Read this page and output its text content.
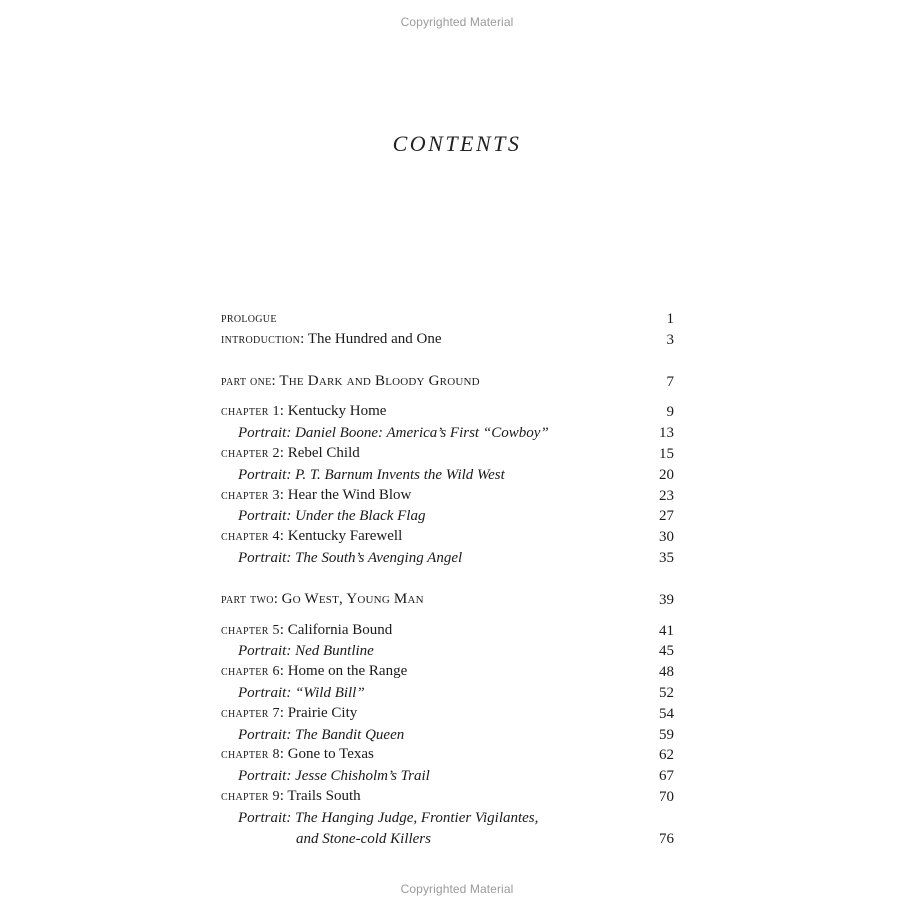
Copyrighted Material
CONTENTS
prologue	1
introduction: The Hundred and One	3
part one: The Dark and Bloody Ground	7
chapter 1: Kentucky Home	9
Portrait: Daniel Boone: America’s First “Cowboy”	13
chapter 2: Rebel Child	15
Portrait: P. T. Barnum Invents the Wild West	20
chapter 3: Hear the Wind Blow	23
Portrait: Under the Black Flag	27
chapter 4: Kentucky Farewell	30
Portrait: The South’s Avenging Angel	35
part two: Go West, Young Man	39
chapter 5: California Bound	41
Portrait: Ned Buntline	45
chapter 6: Home on the Range	48
Portrait: “Wild Bill”	52
chapter 7: Prairie City	54
Portrait: The Bandit Queen	59
chapter 8: Gone to Texas	62
Portrait: Jesse Chisholm’s Trail	67
chapter 9: Trails South	70
Portrait: The Hanging Judge, Frontier Vigilantes,
and Stone-cold Killers	76
Copyrighted Material
